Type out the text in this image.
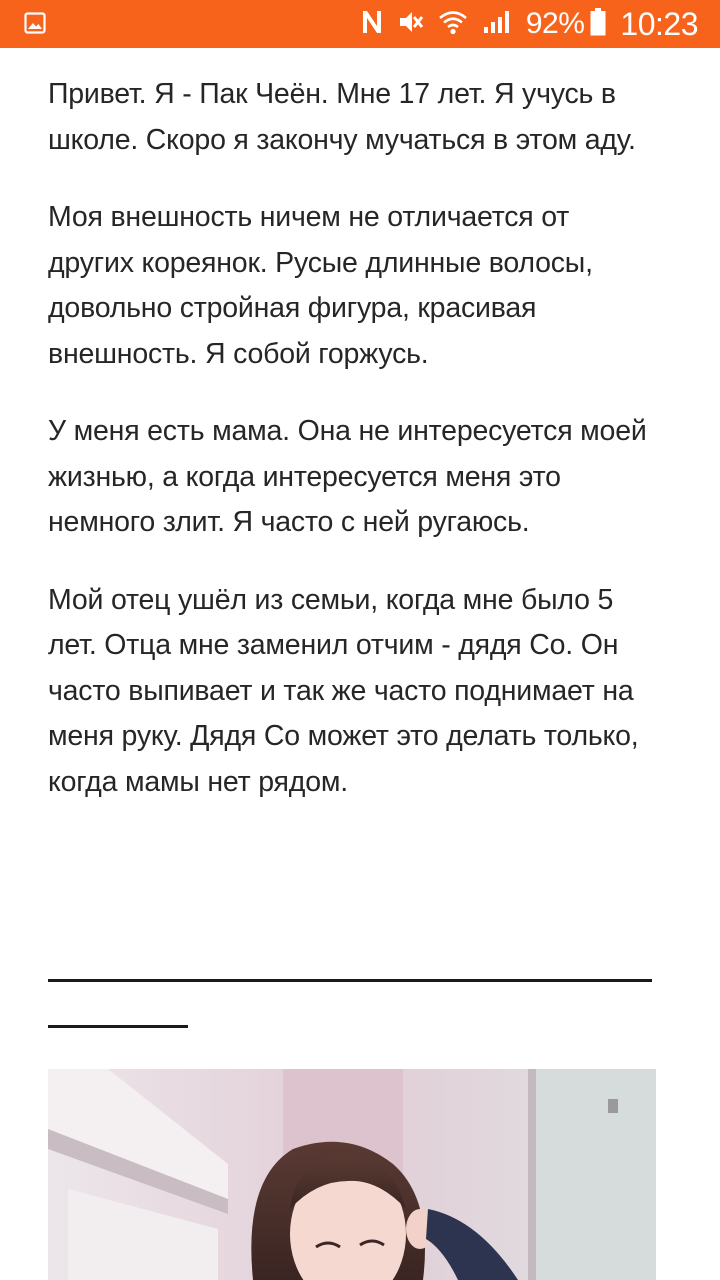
92% 10:23

Привет. Я - Пак Чеён. Мне 17 лет. Я учусь в школе. Скоро я закончу мучаться в этом аду.

Моя внешность ничем не отличается от других кореянок. Русые длинные волосы, довольно стройная фигура, красивая внешность. Я собой горжусь.

У меня есть мама. Она не интересуется моей жизнью, а когда интересуется меня это немного злит. Я часто с ней ругаюсь.

Мой отец ушёл из семьи, когда мне было 5 лет. Отца мне заменил отчим - дядя Со. Он часто выпивает и так же часто поднимает на меня руку. Дядя Со может это делать только, когда мамы нет рядом.
